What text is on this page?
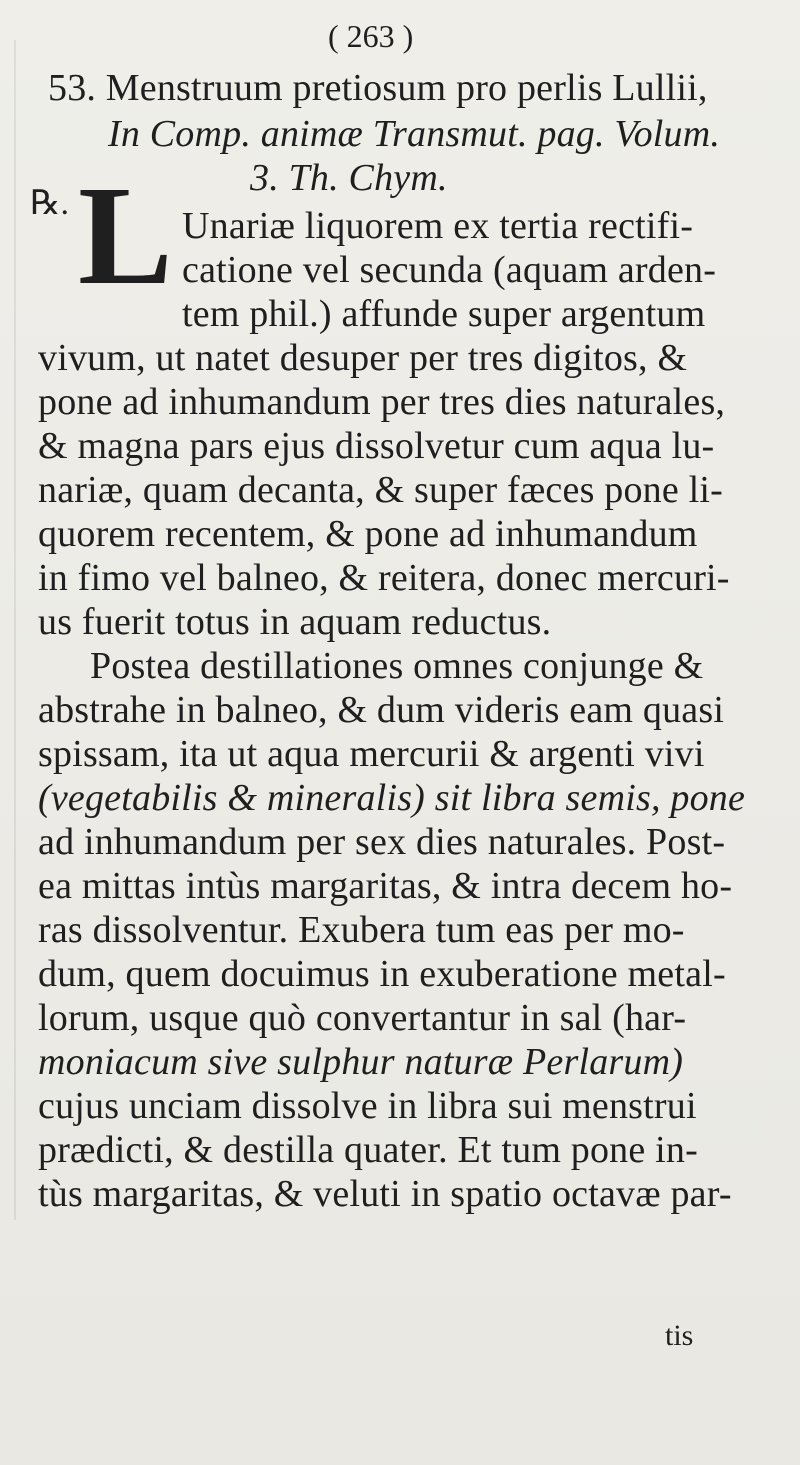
( 263 )
53. Menstruum pretiosum pro perlis Lullii,
In Comp. animæ Transmut. pag. Volum.
3. Th. Chym.
℞. L Unariæ liquorem ex tertia rectifi-
catione vel secunda (aquam arden-
tem phil.) affunde super argentum
vivum, ut natet desuper per tres digitos, &
pone ad inhumandum per tres dies naturales,
& magna pars ejus dissolvetur cum aqua lu-
nariæ, quam decanta, & super fæces pone li-
quorem recentem, & pone ad inhumandum
in fimo vel balneo, & reitera, donec mercuri-
us fuerit totus in aquam reductus.
Postea destillationes omnes conjunge &
abstrahe in balneo, & dum videris eam quasi
spissam, ita ut aqua mercurii & argenti vivi
(vegetabilis & mineralis) sit libra semis, pone
ad inhumandum per sex dies naturales. Post-
ea mittas intùs margaritas, & intra decem ho-
ras dissolventur. Exubera tum eas per mo-
dum, quem docuimus in exuberatione metal-
lorum, usque quò convertantur in sal (har-
moniacum sive sulphur naturæ Perlarum)
cujus unciam dissolve in libra sui menstrui
prædicti, & destilla quater. Et tum pone in-
tùs margaritas, & veluti in spatio octavæ par-
tis
